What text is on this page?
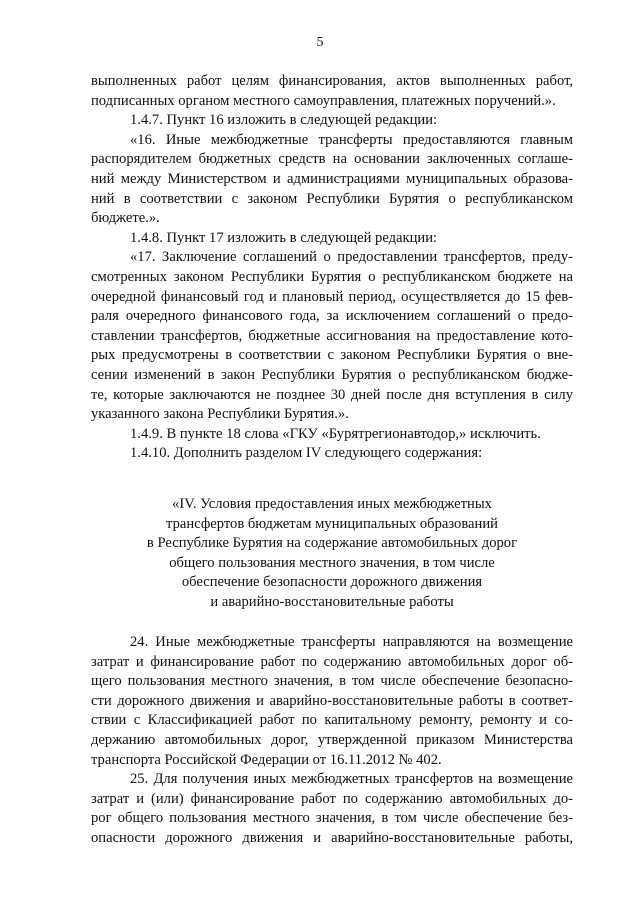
5
выполненных работ целям финансирования, актов выполненных работ,
подписанных органом местного самоуправления, платежных поручений.».
1.4.7. Пункт 16 изложить в следующей редакции:
«16. Иные межбюджетные трансферты предоставляются главным
распорядителем бюджетных средств на основании заключенных соглаше-
ний между Министерством и администрациями муниципальных образова-
ний в соответствии с законом Республики Бурятия о республиканском
бюджете.».
1.4.8. Пункт 17 изложить в следующей редакции:
«17. Заключение соглашений о предоставлении трансфертов, преду-
смотренных законом Республики Бурятия о республиканском бюджете на
очередной финансовый год и плановый период, осуществляется до 15 фев-
раля очередного финансового года, за исключением соглашений о предо-
ставлении трансфертов, бюджетные ассигнования на предоставление кото-
рых предусмотрены в соответствии с законом Республики Бурятия о вне-
сении изменений в закон Республики Бурятия о республиканском бюдже-
те, которые заключаются не позднее 30 дней после дня вступления в силу
указанного закона Республики Бурятия.».
1.4.9. В пункте 18 слова «ГКУ «Бурятрегионавтодор,» исключить.
1.4.10. Дополнить разделом IV следующего содержания:
«IV. Условия предоставления иных межбюджетных
трансфертов бюджетам муниципальных образований
в Республике Бурятия на содержание автомобильных дорог
общего пользования местного значения, в том числе
обеспечение безопасности дорожного движения
и аварийно-восстановительные работы
24. Иные межбюджетные трансферты направляются на возмещение
затрат и финансирование работ по содержанию автомобильных дорог об-
щего пользования местного значения, в том числе обеспечение безопасно-
сти дорожного движения и аварийно-восстановительные работы в соответ-
ствии с Классификацией работ по капитальному ремонту, ремонту и со-
держанию автомобильных дорог, утвержденной приказом Министерства
транспорта Российской Федерации от 16.11.2012 № 402.
25. Для получения иных межбюджетных трансфертов на возмещение
затрат и (или) финансирование работ по содержанию автомобильных до-
рог общего пользования местного значения, в том числе обеспечение без-
опасности дорожного движения и аварийно-восстановительные работы,
